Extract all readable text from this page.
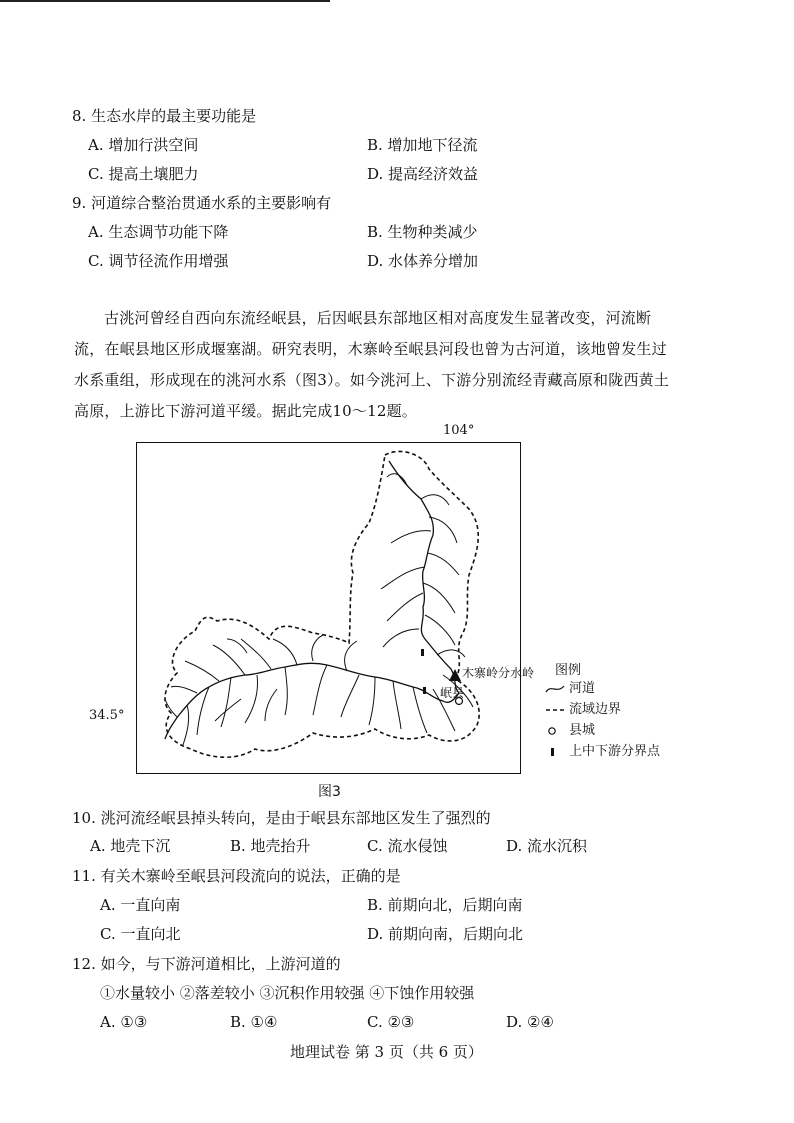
8. 生态水岸的最主要功能是
A. 增加行洪空间	B. 增加地下径流
C. 提高土壤肥力	D. 提高经济效益
9. 河道综合整治贯通水系的主要影响有
A. 生态调节功能下降	B. 生物种类减少
C. 调节径流作用增强	D. 水体养分增加

古洮河曾经自西向东流经岷县，后因岷县东部地区相对高度发生显著改变，河流断

流，在岷县地区形成堰塞湖。研究表明，木寨岭至岷县河段也曾为古河道，该地曾发生过

水系重组，形成现在的洮河水系（图3）。如今洮河上、下游分别流经青藏高原和陇西黄土

高原，上游比下游河道平缓。据此完成10～12题。

104°
34.5°
木寨岭分水岭
岷县
图例
河道
流域边界
县城
上中下游分界点
图3
10. 洮河流经岷县掉头转向，是由于岷县东部地区发生了强烈的
A. 地壳下沉	B. 地壳抬升	C. 流水侵蚀	D. 流水沉积
11. 有关木寨岭至岷县河段流向的说法，正确的是
A. 一直向南	B. 前期向北，后期向南
C. 一直向北	D. 前期向南，后期向北
12. 如今，与下游河道相比，上游河道的
①水量较小 ②落差较小 ③沉积作用较强 ④下蚀作用较强
A. ①③	B. ①④	C. ②③	D. ②④
地理试卷 第 3 页（共 6 页）
